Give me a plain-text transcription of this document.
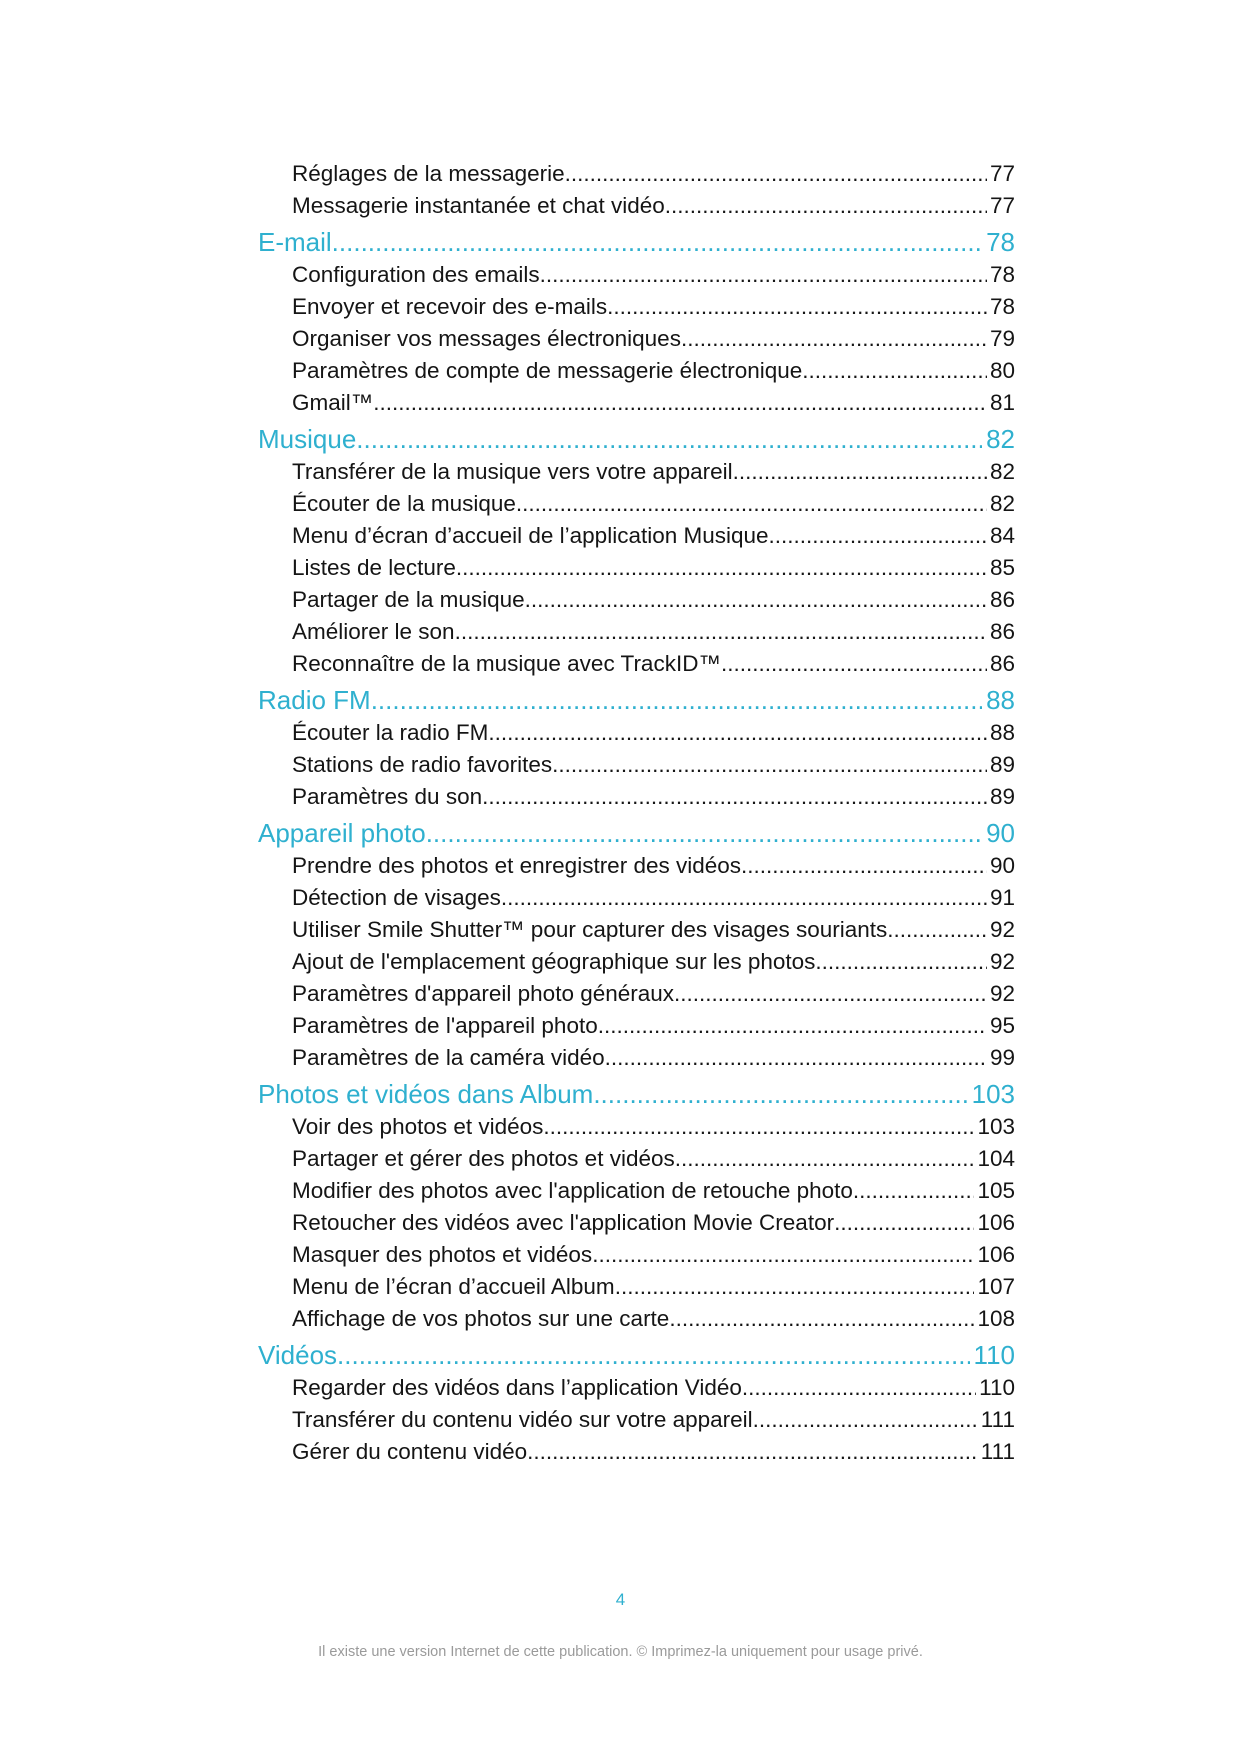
Réglages de la messagerie .....	77
Messagerie instantanée et chat vidéo .....	77
E-mail .....	78
Configuration des emails .....	78
Envoyer et recevoir des e-mails .....	78
Organiser vos messages électroniques .....	79
Paramètres de compte de messagerie électronique .....	80
Gmail™ .....	81
Musique .....	82
Transférer de la musique vers votre appareil .....	82
Écouter de la musique .....	82
Menu d’écran d’accueil de l’application Musique .....	84
Listes de lecture .....	85
Partager de la musique .....	86
Améliorer le son .....	86
Reconnaître de la musique avec TrackID™ .....	86
Radio FM .....	88
Écouter la radio FM .....	88
Stations de radio favorites .....	89
Paramètres du son .....	89
Appareil photo .....	90
Prendre des photos et enregistrer des vidéos .....	90
Détection de visages .....	91
Utiliser Smile Shutter™ pour capturer des visages souriants .....	92
Ajout de l'emplacement géographique sur les photos .....	92
Paramètres d'appareil photo généraux .....	92
Paramètres de l'appareil photo .....	95
Paramètres de la caméra vidéo .....	99
Photos et vidéos dans Album .....	103
Voir des photos et vidéos .....	103
Partager et gérer des photos et vidéos .....	104
Modifier des photos avec l'application de retouche photo .....	105
Retoucher des vidéos avec l'application Movie Creator .....	106
Masquer des photos et vidéos .....	106
Menu de l’écran d’accueil Album .....	107
Affichage de vos photos sur une carte .....	108
Vidéos .....	110
Regarder des vidéos dans l’application Vidéo .....	110
Transférer du contenu vidéo sur votre appareil .....	111
Gérer du contenu vidéo .....	111
4
Il existe une version Internet de cette publication. © Imprimez-la uniquement pour usage privé.
